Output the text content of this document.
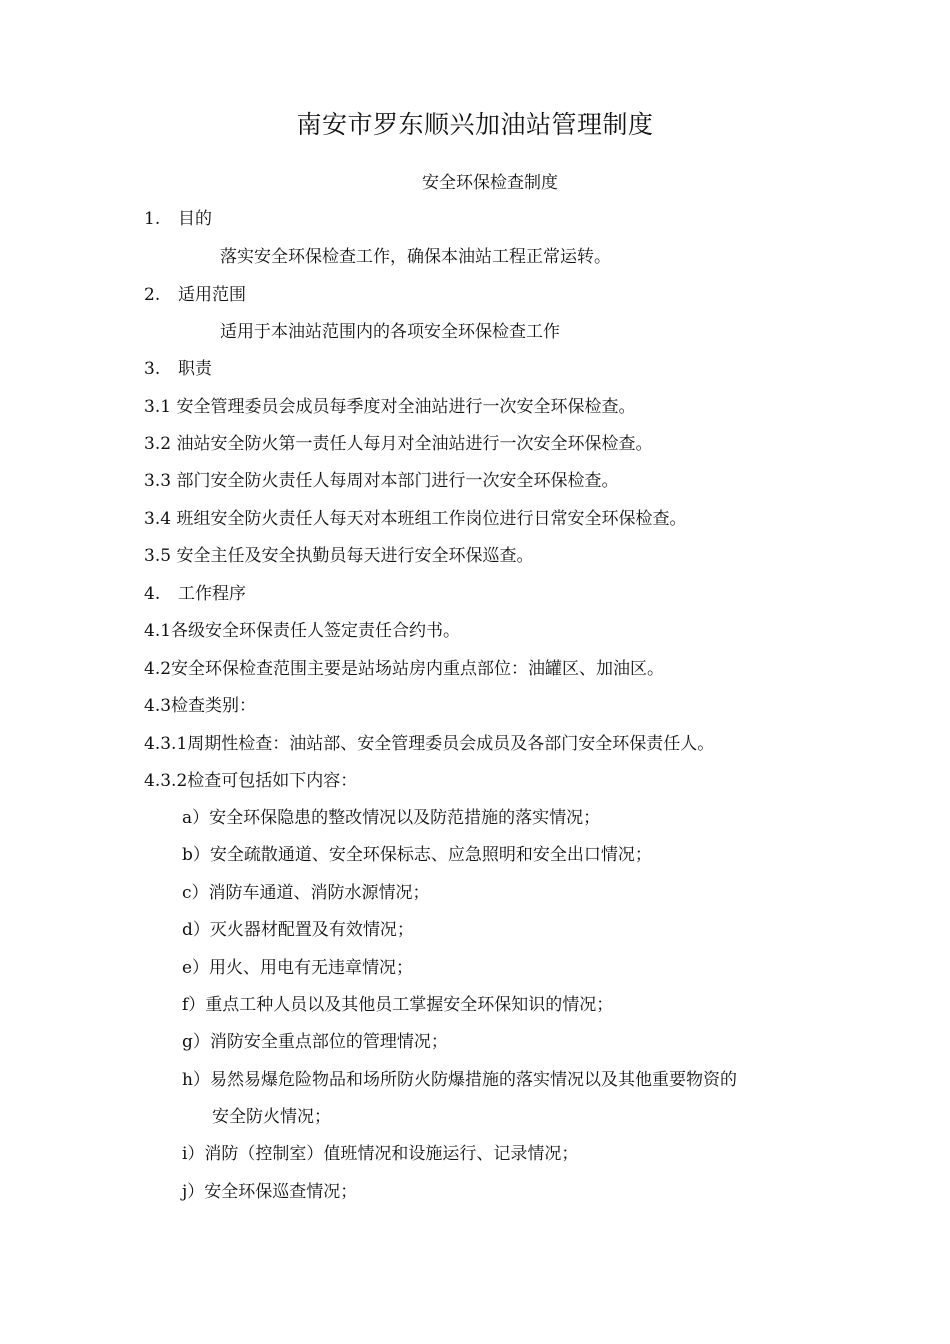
南安市罗东顺兴加油站管理制度
安全环保检查制度
1. 目的
落实安全环保检查工作，确保本油站工程正常运转。
2. 适用范围
适用于本油站范围内的各项安全环保检查工作
3. 职责
3.1 安全管理委员会成员每季度对全油站进行一次安全环保检查。
3.2 油站安全防火第一责任人每月对全油站进行一次安全环保检查。
3.3 部门安全防火责任人每周对本部门进行一次安全环保检查。
3.4 班组安全防火责任人每天对本班组工作岗位进行日常安全环保检查。
3.5 安全主任及安全执勤员每天进行安全环保巡查。
4. 工作程序
4.1各级安全环保责任人签定责任合约书。
4.2安全环保检查范围主要是站场站房内重点部位：油罐区、加油区。
4.3检查类别：
4.3.1周期性检查：油站部、安全管理委员会成员及各部门安全环保责任人。
4.3.2检查可包括如下内容：
a）安全环保隐患的整改情况以及防范措施的落实情况；
b）安全疏散通道、安全环保标志、应急照明和安全出口情况；
c）消防车通道、消防水源情况；
d）灭火器材配置及有效情况；
e）用火、用电有无违章情况；
f）重点工种人员以及其他员工掌握安全环保知识的情况；
g）消防安全重点部位的管理情况；
h）易然易爆危险物品和场所防火防爆措施的落实情况以及其他重要物资的
安全防火情况；
i）消防（控制室）值班情况和设施运行、记录情况；
j）安全环保巡查情况；
